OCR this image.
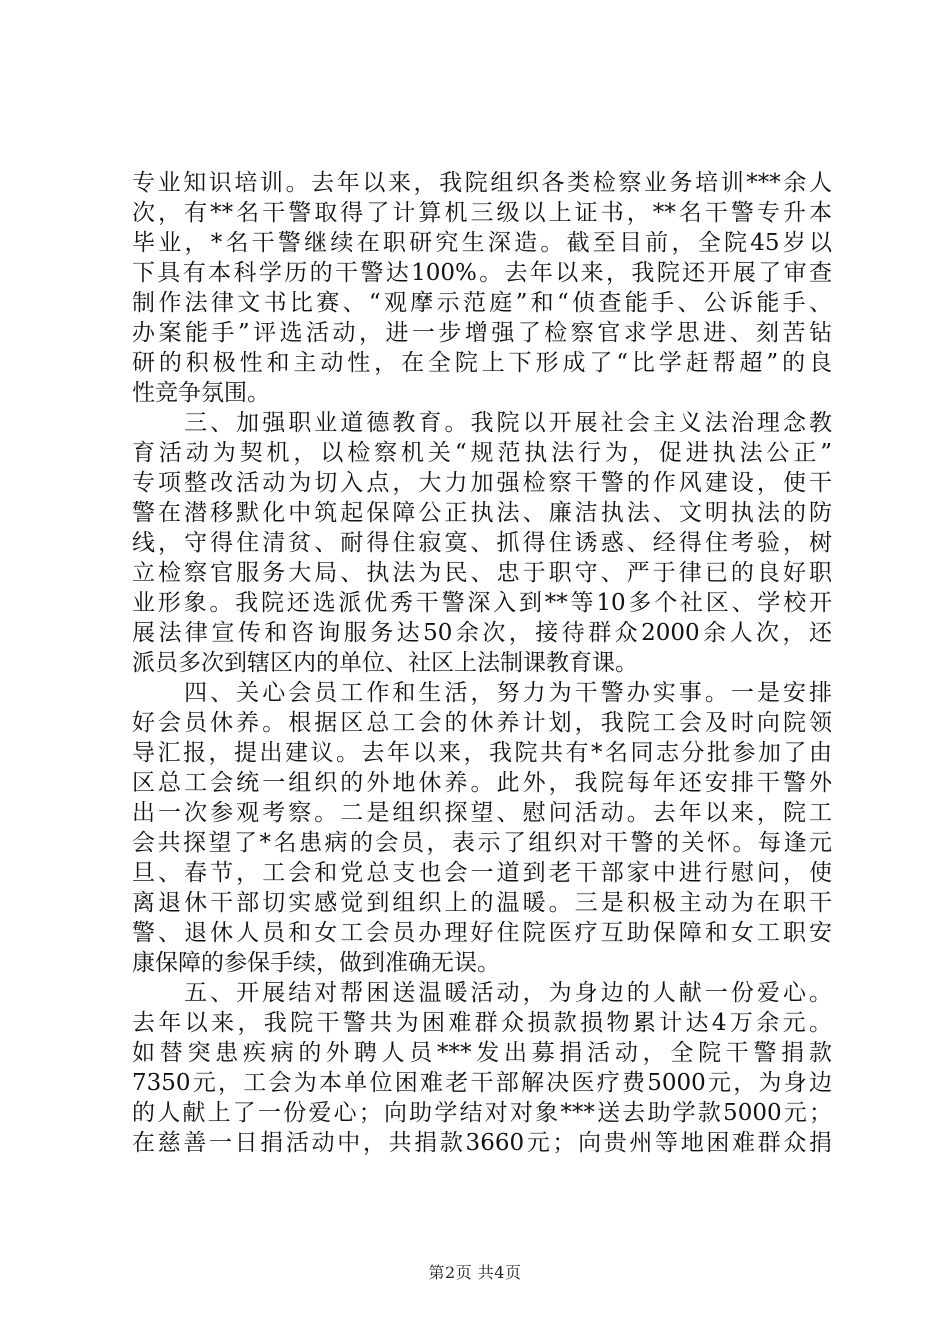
专业知识培训。去年以来，我院组织各类检察业务培训***余人
次，有**名干警取得了计算机三级以上证书，**名干警专升本
毕业，*名干警继续在职研究生深造。截至目前，全院45岁以
下具有本科学历的干警达100%。去年以来，我院还开展了审查
制作法律文书比赛、“观摩示范庭”和“侦查能手、公诉能手、
办案能手”评选活动，进一步增强了检察官求学思进、刻苦钻
研的积极性和主动性，在全院上下形成了“比学赶帮超”的良
性竞争氛围。
　　三、加强职业道德教育。我院以开展社会主义法治理念教
育活动为契机，以检察机关“规范执法行为，促进执法公正”
专项整改活动为切入点，大力加强检察干警的作风建设，使干
警在潜移默化中筑起保障公正执法、廉洁执法、文明执法的防
线，守得住清贫、耐得住寂寞、抓得住诱惑、经得住考验，树
立检察官服务大局、执法为民、忠于职守、严于律已的良好职
业形象。我院还选派优秀干警深入到**等10多个社区、学校开
展法律宣传和咨询服务达50余次，接待群众2000余人次，还
派员多次到辖区内的单位、社区上法制课教育课。
　　四、关心会员工作和生活，努力为干警办实事。一是安排
好会员休养。根据区总工会的休养计划，我院工会及时向院领
导汇报，提出建议。去年以来，我院共有*名同志分批参加了由
区总工会统一组织的外地休养。此外，我院每年还安排干警外
出一次参观考察。二是组织探望、慰问活动。去年以来，院工
会共探望了*名患病的会员，表示了组织对干警的关怀。每逢元
旦、春节，工会和党总支也会一道到老干部家中进行慰问，使
离退休干部切实感觉到组织上的温暖。三是积极主动为在职干
警、退休人员和女工会员办理好住院医疗互助保障和女工职安
康保障的参保手续，做到准确无误。
　　五、开展结对帮困送温暖活动，为身边的人献一份爱心。
去年以来，我院干警共为困难群众损款损物累计达4万余元。
如替突患疾病的外聘人员***发出募捐活动，全院干警捐款
7350元，工会为本单位困难老干部解决医疗费5000元，为身边
的人献上了一份爱心；向助学结对对象***送去助学款5000元；
在慈善一日捐活动中，共捐款3660元；向贵州等地困难群众捐
第2页 共4页
